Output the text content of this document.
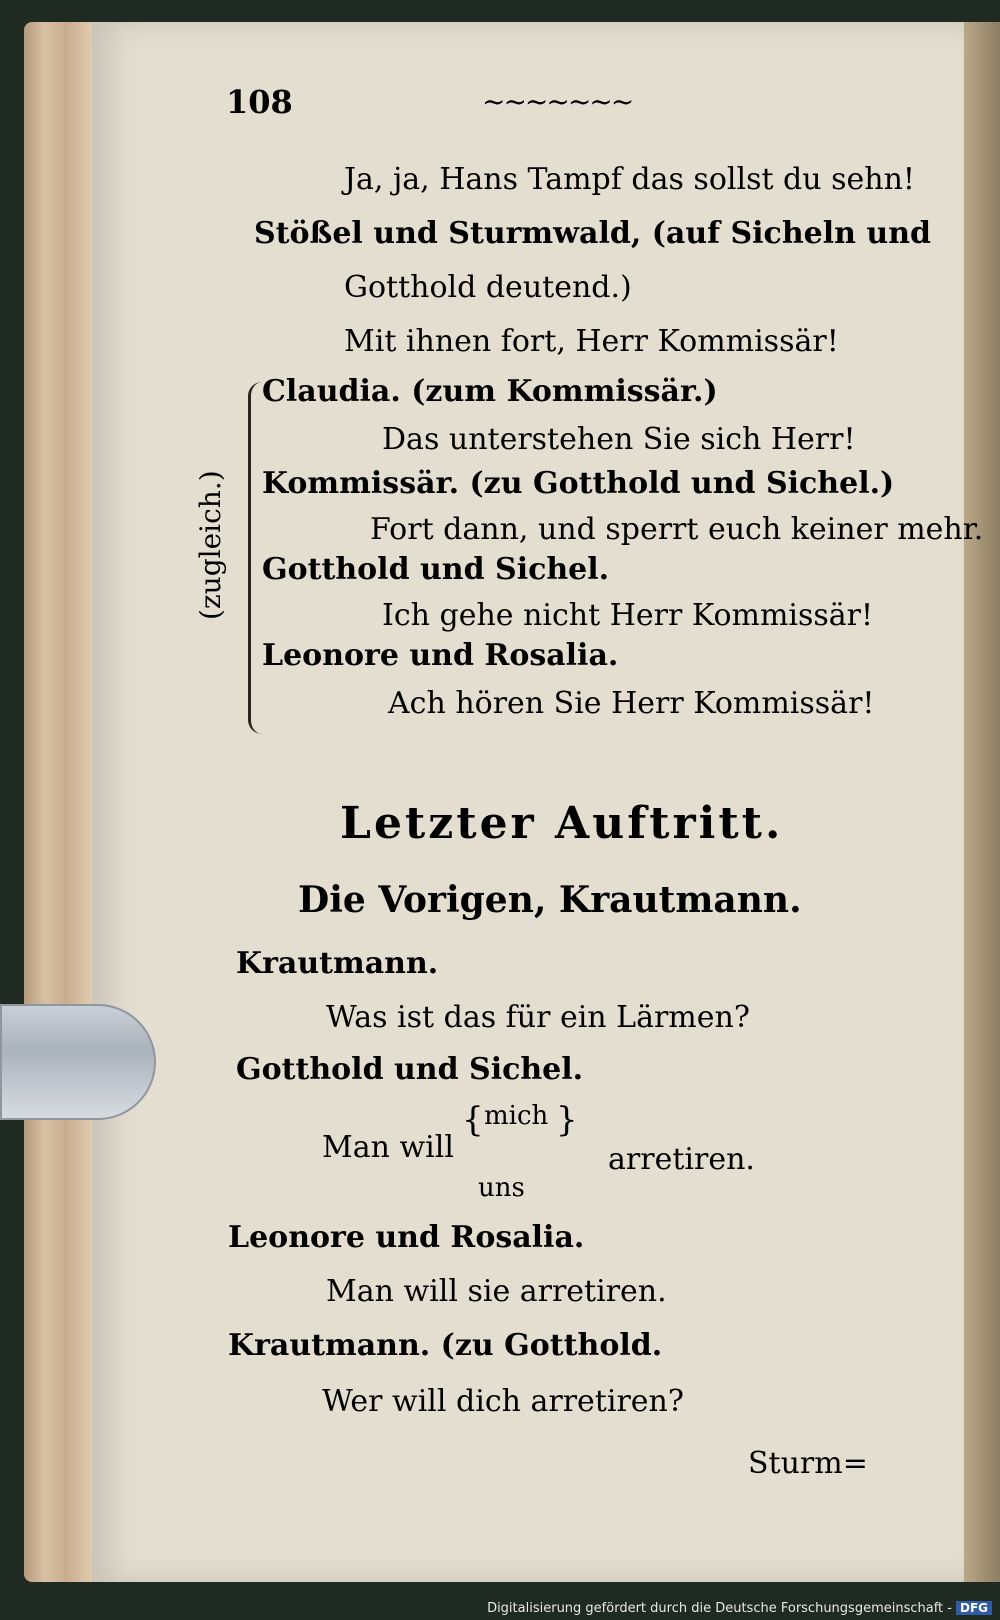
108	~~~~~~~
Ja, ja, Hans Tampf das sollst du sehn!
Stößel und Sturmwald, (auf Sicheln und
Gotthold deutend.)
Mit ihnen fort, Herr Kommissär!
Claudia. (zum Kommissär.)
Das unterstehen Sie sich Herr!
Kommissär. (zu Gotthold und Sichel.)
Fort dann, und sperrt euch keiner mehr.
Gotthold und Sichel.
Ich gehe nicht Herr Kommissär!
Leonore und Rosalia.
Ach hören Sie Herr Kommissär!
(zugleich.)
Letzter Auftritt.
Die Vorigen, Krautmann.
Krautmann.
Was ist das für ein Lärmen?
Gotthold und Sichel.
Man will
{ mich
uns
}
arretiren.
Leonore und Rosalia.
Man will sie arretiren.
Krautmann. (zu Gotthold.
Wer will dich arretiren?
Sturm=
Digitalisierung gefördert durch die Deutsche Forschungsgemeinschaft - DFG
